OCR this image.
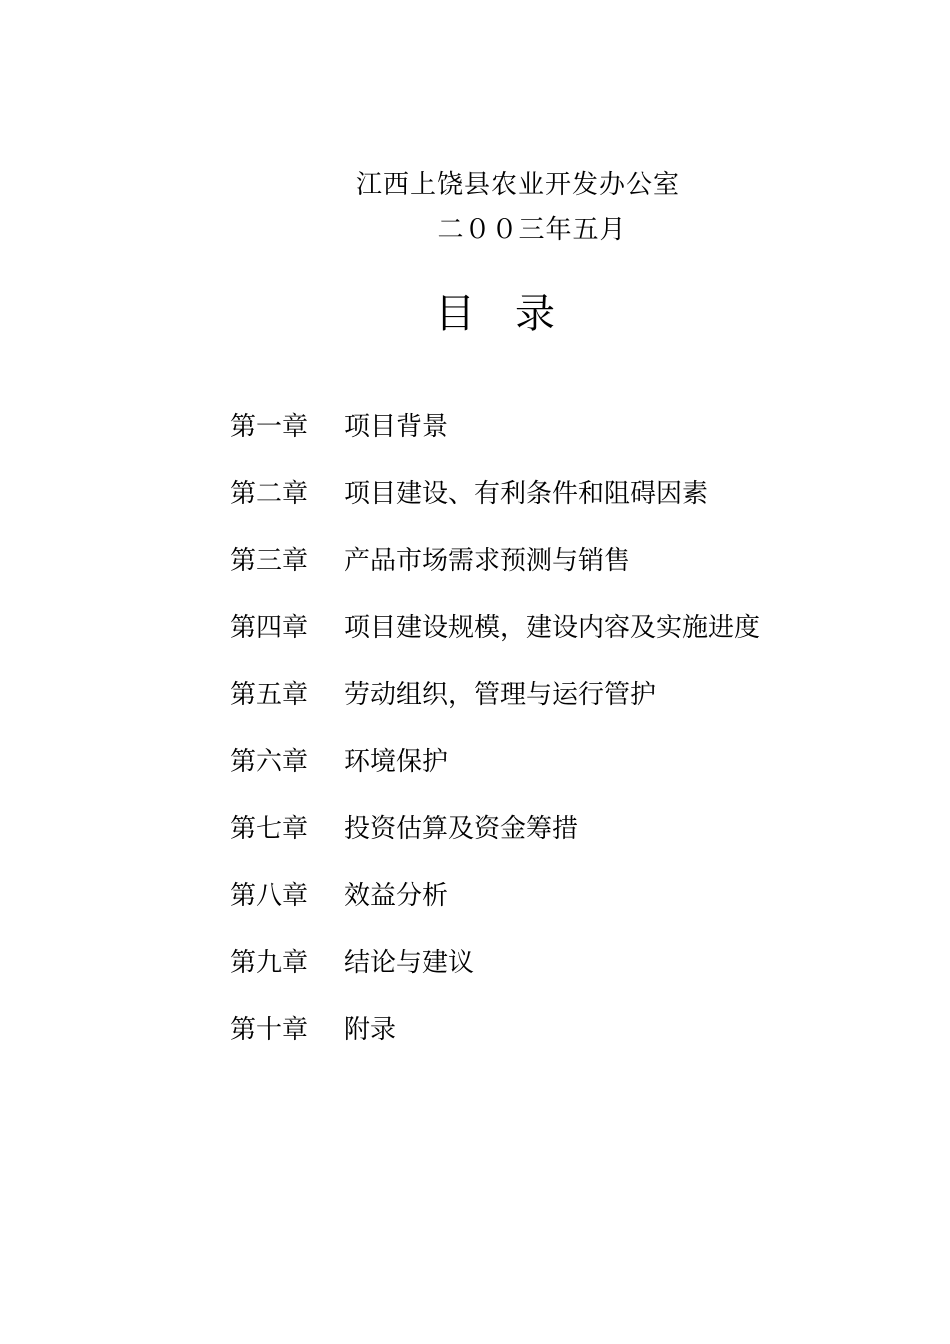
江西上饶县农业开发办公室
二００三年五月
目 录
第一章	项目背景
第二章	项目建设、有利条件和阻碍因素
第三章	产品市场需求预测与销售
第四章	项目建设规模，建设内容及实施进度
第五章	劳动组织，管理与运行管护
第六章	环境保护
第七章	投资估算及资金筹措
第八章	效益分析
第九章	结论与建议
第十章	附录
